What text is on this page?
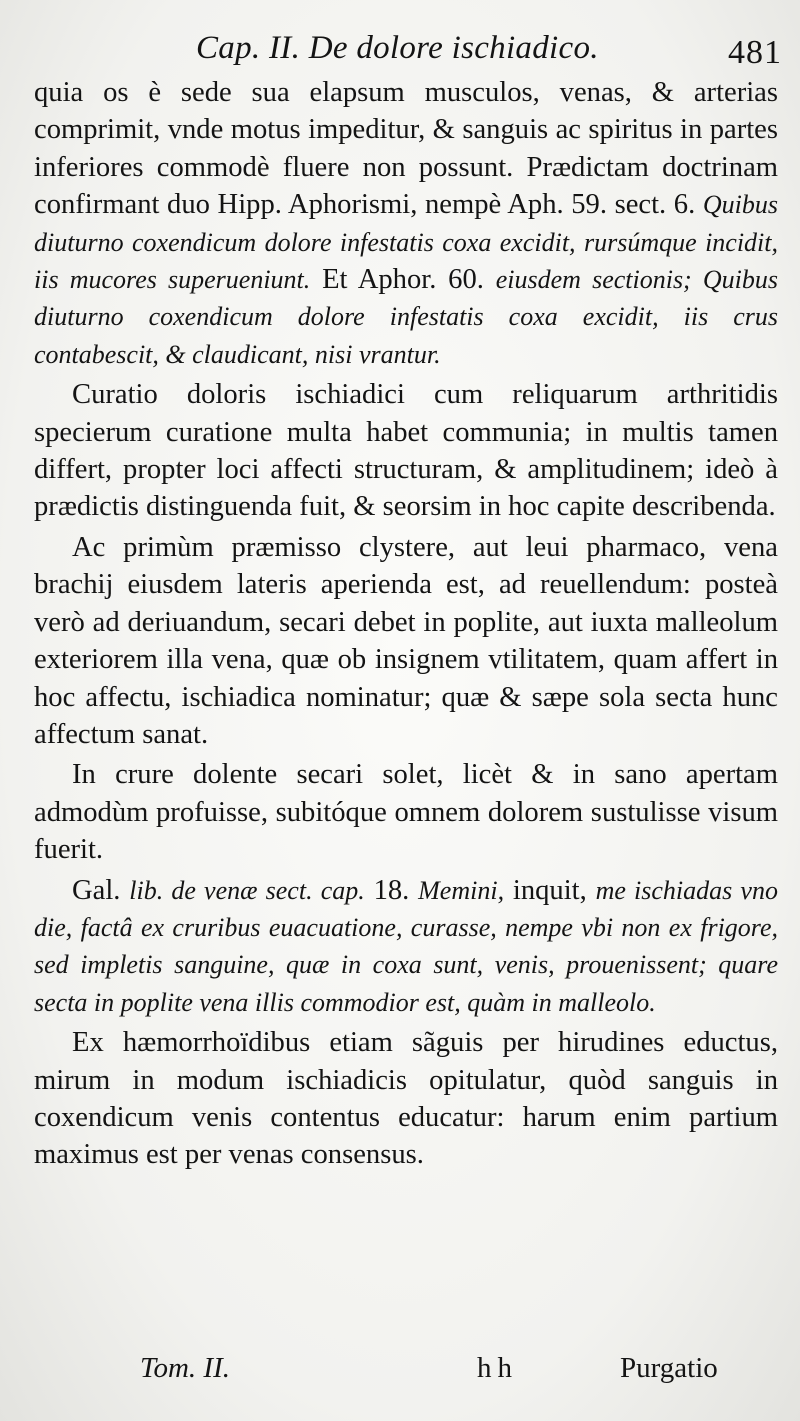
Cap. II. De dolore ischiadico.	481

quia os è sede sua elapsum musculos, venas, & arterias comprimit, vnde motus impeditur, & sanguis ac spiritus in partes inferiores commodè fluere non possunt. Prædictam doctrinam confirmant duo Hipp. Aphorismi, nempè Aph. 59. sect. 6. Quibus diuturno coxendicum dolore infestatis coxa excidit, rursúmque incidit, iis mucores superueniunt. Et Aphor. 60. eiusdem sectionis; Quibus diuturno coxendicum dolore infestatis coxa excidit, iis crus contabescit, & claudicant, nisi vrantur.

Curatio doloris ischiadici cum reliquarum arthritidis specierum curatione multa habet communia; in multis tamen differt, propter loci affecti structuram, & amplitudinem; ideò à prædictis distinguenda fuit, & seorsim in hoc capite describenda.

Ac primùm præmisso clystere, aut leui pharmaco, vena brachij eiusdem lateris aperienda est, ad reuellendum: posteà verò ad deriuandum, secari debet in poplite, aut iuxta malleolum exteriorem illa vena, quæ ob insignem vtilitatem, quam affert in hoc affectu, ischiadica nominatur; quæ & sæpe sola secta hunc affectum sanat.

In crure dolente secari solet, licèt & in sano apertam admodùm profuisse, subitóque omnem dolorem sustulisse visum fuerit.

Gal. lib. de venæ sect. cap. 18. Memini, inquit, me ischiadas vno die, factâ ex cruribus euacuatione, curasse, nempe vbi non ex frigore, sed impletis sanguine, quæ in coxa sunt, venis, prouenissent; quare secta in poplite vena illis commodior est, quàm in malleolo.

Ex hæmorrhoïdibus etiam sãguis per hirudines eductus, mirum in modum ischiadicis opitulatur, quòd sanguis in coxendicum venis contentus educatur: harum enim partium maximus est per venas consensus.

Tom. II.	hh	Purgatio
